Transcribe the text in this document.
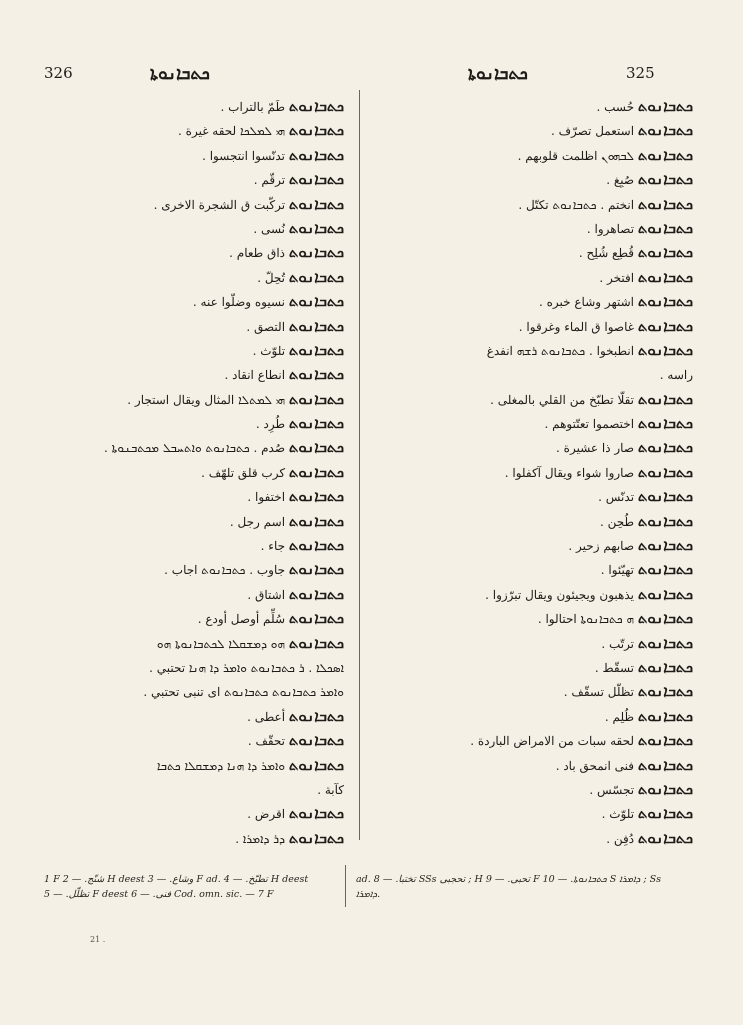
326	ܟܬܒܐܢܘܬܐ	ܟܬܒܐܢܘܬܐ	325
ܟܬܒܐܢܘܬ طَمّ بالتراب .
ܟܬܒܐܢܘܬ ܗܝ ܠܡܠܟܐ لحقه غيرة .
ܟܬܒܐܢܘܬ تدنّسوا انتجسوا .
ܟܬܒܐܢܘܬ ترقّم .
ܟܬܒܐܢܘܬ تركّبت ق الشجرة الاخرى .
ܟܬܒܐܢܘܬ نُسى .
ܟܬܒܐܢܘܬ ذاق طعام .
ܟܬܒܐܢܘܬ تُحِلّ .
ܟܬܒܐܢܘܬ نسيوه وضلّوا عنه .
ܟܬܒܐܢܘܬ التصق .
ܟܬܒܐܢܘܬ تلوّث .
ܟܬܒܐܢܘܬ انطاع انقاد .
ܟܬܒܐܢܘܬ ܗܝ ܠܡܬܠܐ المثال ويقال استجار .
ܟܬܒܐܢܘܬ طُرِد .
ܟܬܒܐܢܘܬ صُدم . ܟܬܒܐܢܘܬ ܘܐܬܚܒܠ ܡܟܬܒܢܘܬܐ .
ܟܬܒܐܢܘܬ كرب قلق تلهّف .
ܟܬܒܐܢܘܬ اختفوا .
ܟܬܒܐܢܘܬ اسم رجل .
ܟܬܒܐܢܘܬ جاء .
ܟܬܒܐܢܘܬ جاوب . ܟܬܒܐܢܘܬ اجاب .
ܟܬܒܐܢܘܬ اشتاق .
ܟܬܒܐܢܘܬ سُلِّم أوصل أودع .
ܟܬܒܐܢܘܬ ܗܘ ܕܡܫܩܠܐ ܠܟܬܒܐܢܘܬܐ ܗܘ
ܐܣܟܠܐ . ܪ ܟܬܒܐܢܘܬ ܘܐܡܪ ܕܐ ܗܢܐ تحتبي .
ܘܐܡܪ ܟܬܒܐܢܘܬ ܟܬܒܐܢܘܬ اى تنبى تحتبي .
ܟܬܒܐܢܘܬ أعطى .
ܟܬܒܐܢܘܬ تحقّف .
ܟܬܒܐܢܘܬ ܘܐܡܪ ܕܐ ܗܢܐ ܕܡܫܩܠܐ ܟܬܒܐ
كآبة .
ܟܬܒܐܢܘܬ اقرض .
ܟܬܒܐܢܘܬ ܕܪ ܕܐܡܪܐ .
ܟܬܒܐܢܘܬ حُسب .
ܟܬܒܐܢܘܬ استعمل تصرّف .
ܟܬܒܐܢܘܬ ܠܒܗܘܢ اظلمت قلوبهم .
ܟܬܒܐܢܘܬ صُبِغ .
ܟܬܒܐܢܘܬ انختم . ܟܬܒܐܢܘܬ تكتّل .
ܟܬܒܐܢܘܬ تصاهروا .
ܟܬܒܐܢܘܬ قُطِع شُلِح .
ܟܬܒܐܢܘܬ افتخر .
ܟܬܒܐܢܘܬ اشتهر وشاع خبره .
ܟܬܒܐܢܘܬ غاصوا ق الماء وغرقوا .
ܟܬܒܐܢܘܬ انطبخوا . ܟܬܒܐܢܘܬ ܪܫܗ انفدغ
راسه .
ܟܬܒܐܢܘܬ تقلّا تطبّخ من القلي بالمغلى .
ܟܬܒܐܢܘܬ اختصموا تعتّتوهم .
ܟܬܒܐܢܘܬ صار ذا عشيرة .
ܟܬܒܐܢܘܬ صاروا شواء ويقال آكفلوا .
ܟܬܒܐܢܘܬ تدنّس .
ܟܬܒܐܢܘܬ طُحِن .
ܟܬܒܐܢܘܬ صابهم زحير .
ܟܬܒܐܢܘܬ تهيّئوا .
ܟܬܒܐܢܘܬ يذهبون ويجيئون ويقال تبرّزوا .
ܟܬܒܐܢܘܬ ܗ ܟܬܒܐܢܘܬܐ احتالوا .
ܟܬܒܐܢܘܬ ترتّب .
ܟܬܒܐܢܘܬ تسقّط .
ܟܬܒܐܢܘܬ تظلّل تسقّف .
ܟܬܒܐܢܘܬ ظُلِم .
ܟܬܒܐܢܘܬ لحقه سبات من الامراض الباردة .
ܟܬܒܐܢܘܬ فنى انمحق باد .
ܟܬܒܐܢܘܬ تجسّس .
ܟܬܒܐܢܘܬ تلوّث .
ܟܬܒܐܢܘܬ دُفِن .
1 F شنّج. — 2 H deest وشاع. — 3 F ad. تطبّخ. — 4 H deest تظلّل. — 5 F deest فنى. — 6 Cod. omn. sic. — 7 F
ad. تختبا. — 8 SSs تحجبى ; H تحبى. — 9 F ܟܬܒܐܢܘܬܐ. — 10 S ܕܐܡܪܐ ; Ss ܕܐܡܪܐ.
21 .
